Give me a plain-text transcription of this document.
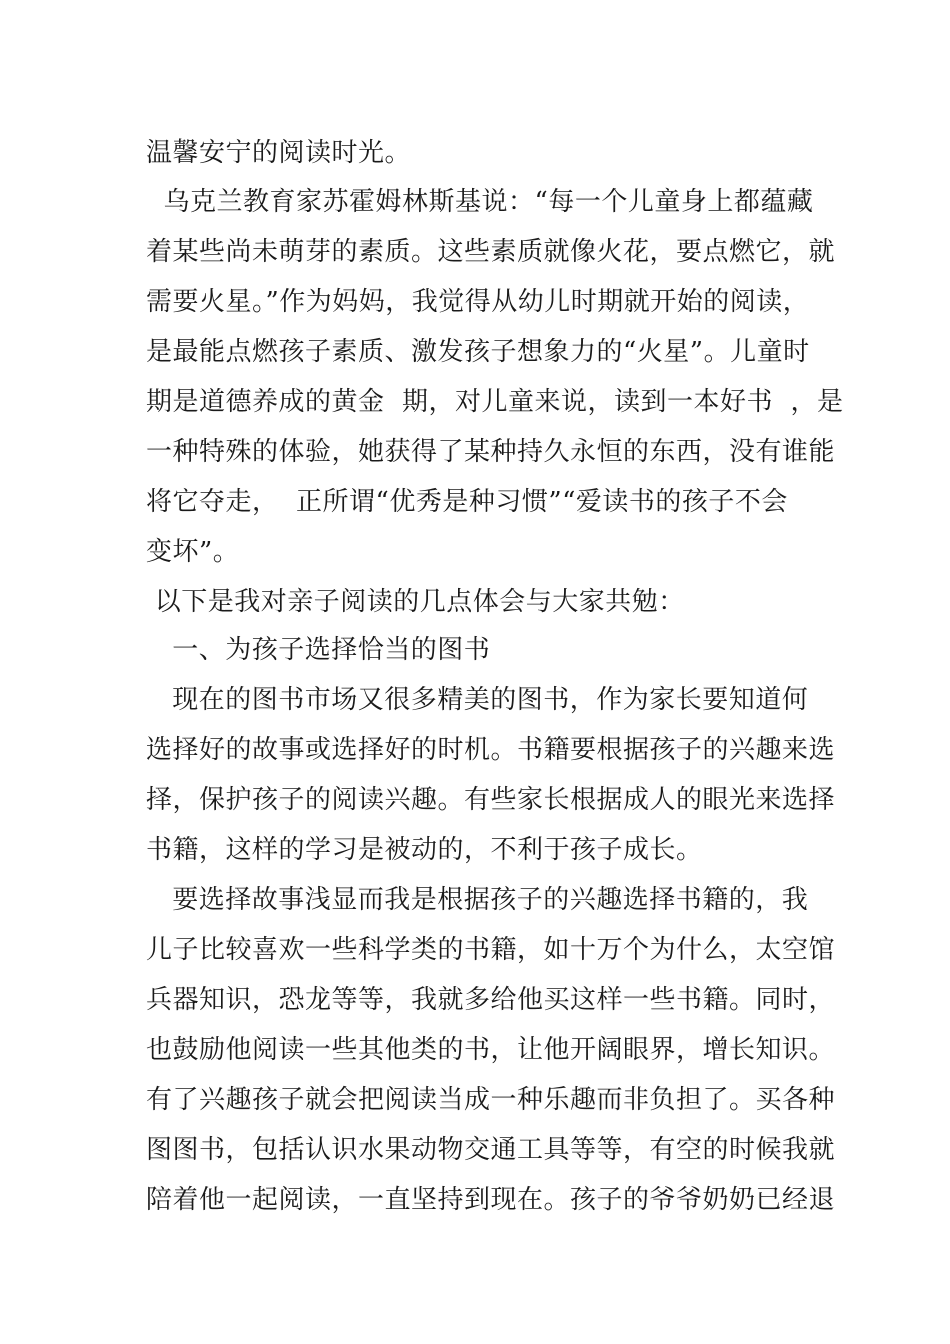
温馨安宁的阅读时光。
乌克兰教育家苏霍姆林斯基说：“每一个儿童身上都蕴藏
着某些尚未萌芽的素质。这些素质就像火花，要点燃它，就
需要火星。”作为妈妈，我觉得从幼儿时期就开始的阅读，
是最能点燃孩子素质、激发孩子想象力的“火星”。儿童时
期是道德养成的黄金  期，对儿童来说，读到一本好书  ，是
一种特殊的体验，她获得了某种持久永恒的东西，没有谁能
将它夺走，  正所谓“优秀是种习惯”“爱读书的孩子不会
变坏”。
以下是我对亲子阅读的几点体会与大家共勉：
一、为孩子选择恰当的图书
现在的图书市场又很多精美的图书，作为家长要知道何
选择好的故事或选择好的时机。书籍要根据孩子的兴趣来选
择，保护孩子的阅读兴趣。有些家长根据成人的眼光来选择
书籍，这样的学习是被动的，不利于孩子成长。
要选择故事浅显而我是根据孩子的兴趣选择书籍的，我
儿子比较喜欢一些科学类的书籍，如十万个为什么，太空馆
兵器知识，恐龙等等，我就多给他买这样一些书籍。同时，
也鼓励他阅读一些其他类的书，让他开阔眼界，增长知识。
有了兴趣孩子就会把阅读当成一种乐趣而非负担了。买各种
图图书，包括认识水果动物交通工具等等，有空的时候我就
陪着他一起阅读，一直坚持到现在。孩子的爷爷奶奶已经退
